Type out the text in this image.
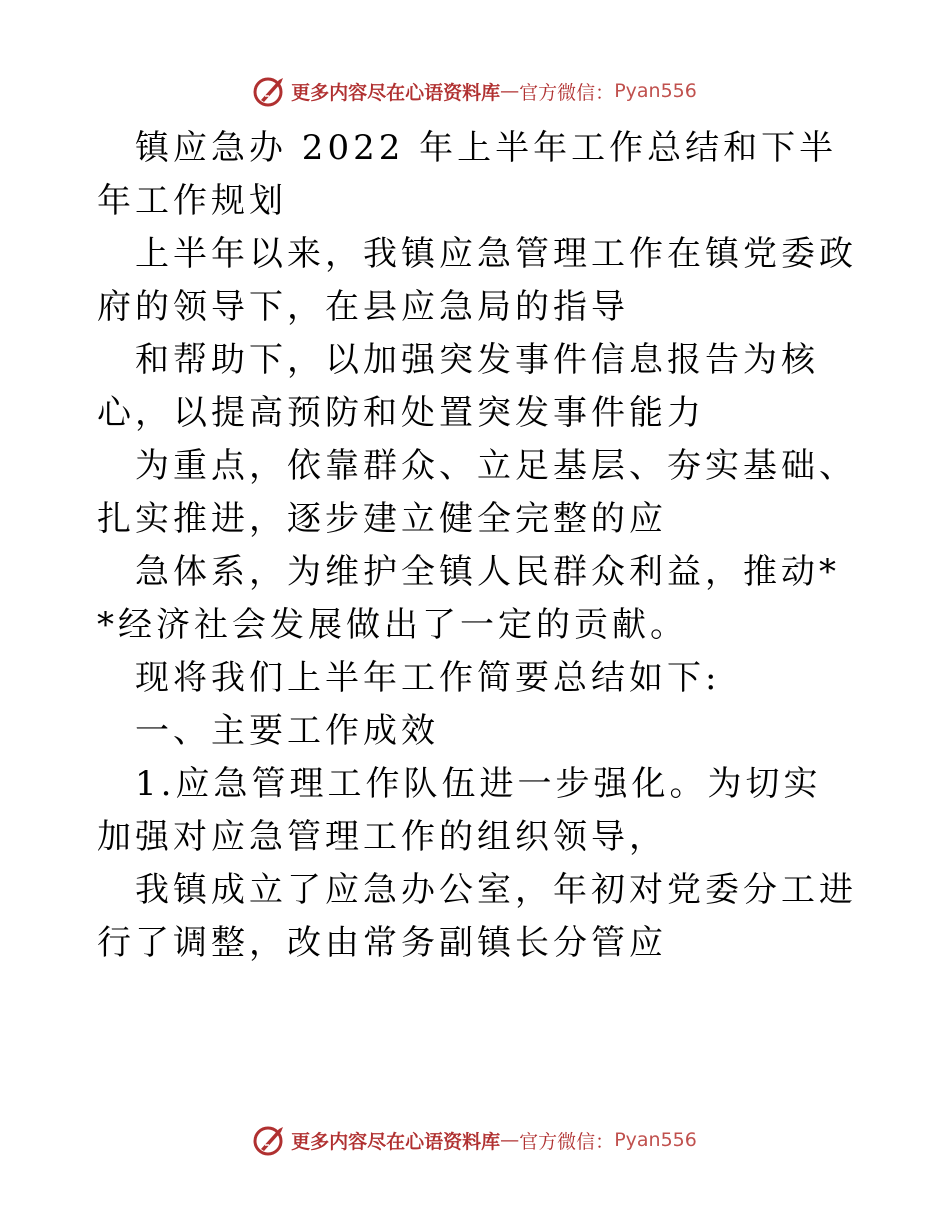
更多内容尽在心语资料库 — 官方微信： Pyan556

镇应急办 2022 年上半年工作总结和下半年工作规划

上半年以来，我镇应急管理工作在镇党委政府的领导下，在县应急局的指导

和帮助下，以加强突发事件信息报告为核心，以提高预防和处置突发事件能力

为重点，依靠群众、立足基层、夯实基础、扎实推进，逐步建立健全完整的应

急体系，为维护全镇人民群众利益，推动**经济社会发展做出了一定的贡献。

现将我们上半年工作简要总结如下:

一、主要工作成效

1.应急管理工作队伍进一步强化。为切实加强对应急管理工作的组织领导，

我镇成立了应急办公室，年初对党委分工进行了调整，改由常务副镇长分管应

更多内容尽在心语资料库 — 官方微信： Pyan556
